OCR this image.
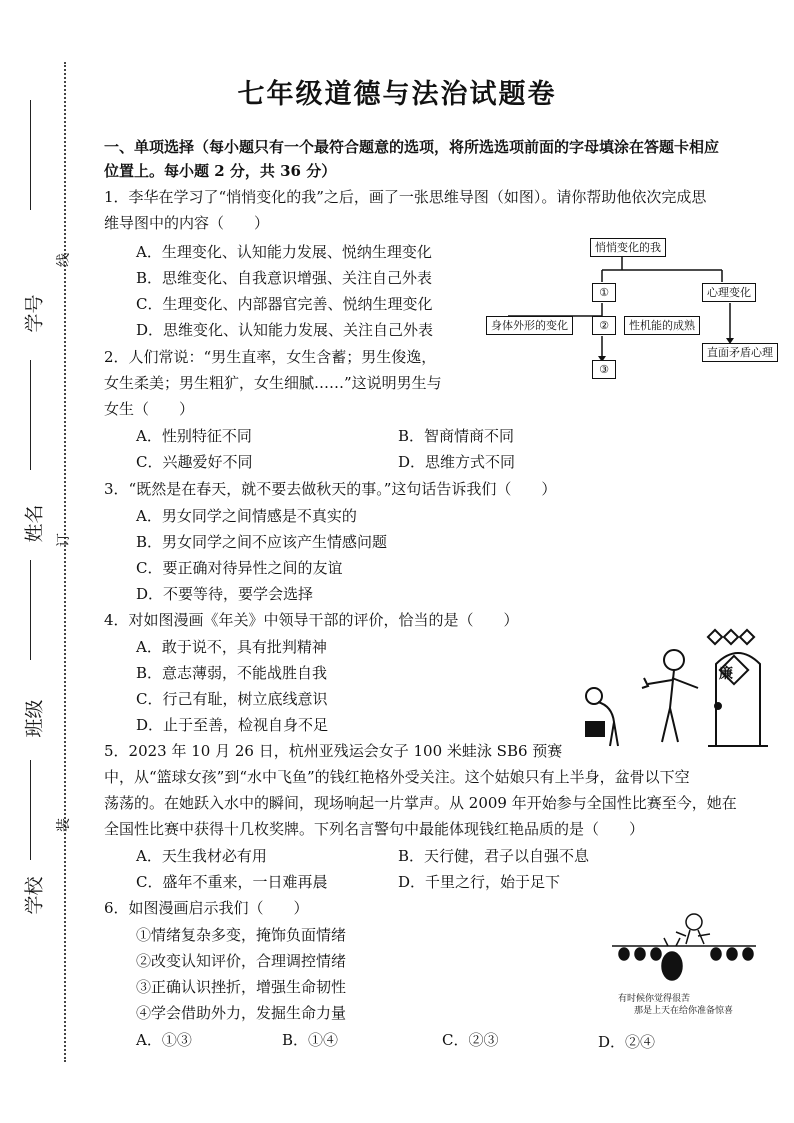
学号
姓名
班级
学校
线
订
装
七年级道德与法治试题卷
一、单项选择（每小题只有一个最符合题意的选项，将所选选项前面的字母填涂在答题卡相应
位置上。每小题 2 分，共 36 分）
1．李华在学习了“悄悄变化的我”之后，画了一张思维导图（如图）。请你帮助他依次完成思
维导图中的内容（　　）
A．生理变化、认知能力发展、悦纳生理变化
B．思维变化、自我意识增强、关注自己外表
C．生理变化、内部器官完善、悦纳生理变化
D．思维变化、认知能力发展、关注自己外表
悄悄变化的我
①	心理变化
身体外形的变化	②	性机能的成熟
直面矛盾心理
③
2．人们常说：“男生直率，女生含蓄；男生俊逸，
女生柔美；男生粗犷，女生细腻……”这说明男生与
女生（　　）
A．性别特征不同	B．智商情商不同
C．兴趣爱好不同	D．思维方式不同
3．“既然是在春天，就不要去做秋天的事。”这句话告诉我们（　　）
A．男女同学之间情感是不真实的
B．男女同学之间不应该产生情感问题
C．要正确对待异性之间的友谊
D．不要等待，要学会选择
4．对如图漫画《年关》中领导干部的评价，恰当的是（　　）
A．敢于说不，具有批判精神
B．意志薄弱，不能战胜自我
C．行己有耻，树立底线意识
D．止于至善，检视自身不足
廉
5．2023 年 10 月 26 日，杭州亚残运会女子 100 米蛙泳 SB6 预赛
中，从“篮球女孩”到“水中飞鱼”的钱红艳格外受关注。这个姑娘只有上半身，盆骨以下空
荡荡的。在她跃入水中的瞬间，现场响起一片掌声。从 2009 年开始参与全国性比赛至今，她在
全国性比赛中获得十几枚奖牌。下列名言警句中最能体现钱红艳品质的是（　　）
A．天生我材必有用	B．天行健，君子以自强不息
C．盛年不重来，一日难再晨	D．千里之行，始于足下
6．如图漫画启示我们（　　）
①情绪复杂多变，掩饰负面情绪
②改变认知评价，合理调控情绪
③正确认识挫折，增强生命韧性
④学会借助外力，发掘生命力量
A．①③	B．①④	C．②③	D．②④
有时候你觉得很苦
那是上天在给你准备惊喜
